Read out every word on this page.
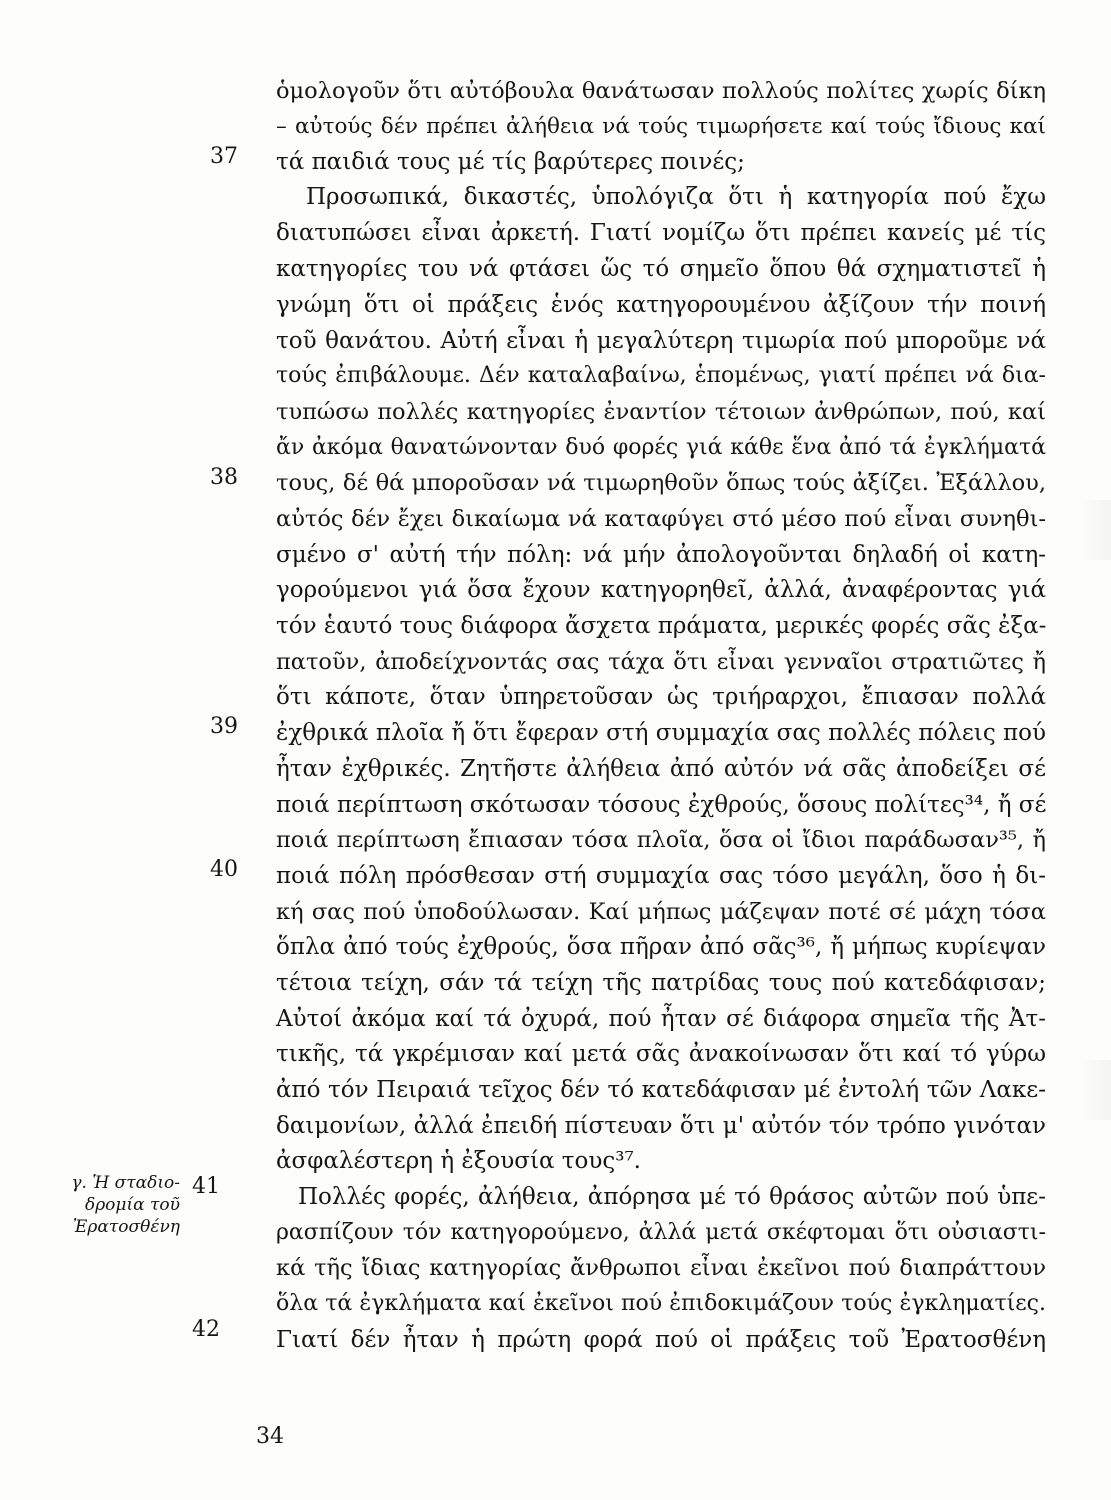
γ. Ἡ σταδιο-
δρομία τοῦ
Ἐρατοσθένη
37
38
39
40
41
42
ὁμολογοῦν ὅτι αὐτόβουλα θανάτωσαν πολλούς πολίτες χωρίς δίκη
– αὐτούς δέν πρέπει ἀλήθεια νά τούς τιμωρήσετε καί τούς ἴδιους καί
τά παιδιά τους μέ τίς βαρύτερες ποινές;
Προσωπικά, δικαστές, ὑπολόγιζα ὅτι ἡ κατηγορία πού ἔχω
διατυπώσει εἶναι ἀρκετή. Γιατί νομίζω ὅτι πρέπει κανείς μέ τίς
κατηγορίες του νά φτάσει ὥς τό σημεῖο ὅπου θά σχηματιστεῖ ἡ
γνώμη ὅτι οἱ πράξεις ἑνός κατηγορουμένου ἀξίζουν τήν ποινή
τοῦ θανάτου. Αὐτή εἶναι ἡ μεγαλύτερη τιμωρία πού μποροῦμε νά
τούς ἐπιβάλουμε. Δέν καταλαβαίνω, ἑπομένως, γιατί πρέπει νά δια-
τυπώσω πολλές κατηγορίες ἐναντίον τέτοιων ἀνθρώπων, πού, καί
ἄν ἀκόμα θανατώνονταν δυό φορές γιά κάθε ἕνα ἀπό τά ἐγκλήματά
τους, δέ θά μποροῦσαν νά τιμωρηθοῦν ὅπως τούς ἀξίζει. Ἐξάλλου,
αὐτός δέν ἔχει δικαίωμα νά καταφύγει στό μέσο πού εἶναι συνηθι-
σμένο σ' αὐτή τήν πόλη: νά μήν ἀπολογοῦνται δηλαδή οἱ κατη-
γορούμενοι γιά ὅσα ἔχουν κατηγορηθεῖ, ἀλλά, ἀναφέροντας γιά
τόν ἑαυτό τους διάφορα ἄσχετα πράματα, μερικές φορές σᾶς ἐξα-
πατοῦν, ἀποδείχνοντάς σας τάχα ὅτι εἶναι γενναῖοι στρατιῶτες ἤ
ὅτι κάποτε, ὅταν ὑπηρετοῦσαν ὡς τριήραρχοι, ἔπιασαν πολλά
ἐχθρικά πλοῖα ἤ ὅτι ἔφεραν στή συμμαχία σας πολλές πόλεις πού
ἦταν ἐχθρικές. Ζητῆστε ἀλήθεια ἀπό αὐτόν νά σᾶς ἀποδείξει σέ
ποιά περίπτωση σκότωσαν τόσους ἐχθρούς, ὅσους πολίτες³⁴, ἤ σέ
ποιά περίπτωση ἔπιασαν τόσα πλοῖα, ὅσα οἱ ἴδιοι παράδωσαν³⁵, ἤ
ποιά πόλη πρόσθεσαν στή συμμαχία σας τόσο μεγάλη, ὅσο ἡ δι-
κή σας πού ὑποδούλωσαν. Καί μήπως μάζεψαν ποτέ σέ μάχη τόσα
ὅπλα ἀπό τούς ἐχθρούς, ὅσα πῆραν ἀπό σᾶς³⁶, ἤ μήπως κυρίεψαν
τέτοια τείχη, σάν τά τείχη τῆς πατρίδας τους πού κατεδάφισαν;
Αὐτοί ἀκόμα καί τά ὀχυρά, πού ἦταν σέ διάφορα σημεῖα τῆς Ἀτ-
τικῆς, τά γκρέμισαν καί μετά σᾶς ἀνακοίνωσαν ὅτι καί τό γύρω
ἀπό τόν Πειραιά τεῖχος δέν τό κατεδάφισαν μέ ἐντολή τῶν Λακε-
δαιμονίων, ἀλλά ἐπειδή πίστευαν ὅτι μ' αὐτόν τόν τρόπο γινόταν
ἀσφαλέστερη ἡ ἐξουσία τους³⁷.
Πολλές φορές, ἀλήθεια, ἀπόρησα μέ τό θράσος αὐτῶν πού ὑπε-
ρασπίζουν τόν κατηγορούμενο, ἀλλά μετά σκέφτομαι ὅτι οὐσιαστι-
κά τῆς ἴδιας κατηγορίας ἄνθρωποι εἶναι ἐκεῖνοι πού διαπράττουν
ὅλα τά ἐγκλήματα καί ἐκεῖνοι πού ἐπιδοκιμάζουν τούς ἐγκληματίες.
Γιατί δέν ἦταν ἡ πρώτη φορά πού οἱ πράξεις τοῦ Ἐρατοσθένη
34
